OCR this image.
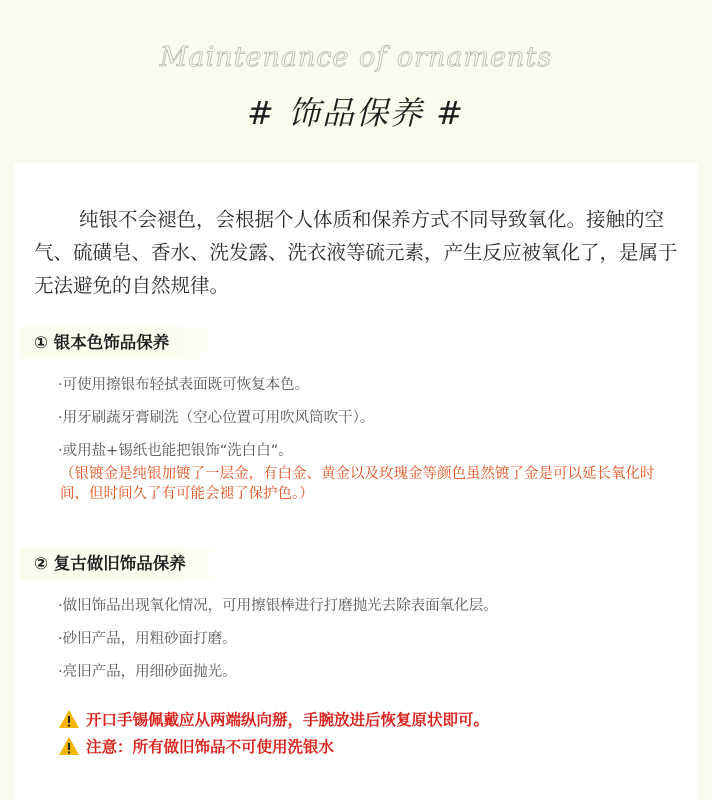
Maintenance of ornaments
# 饰品保养 #

纯银不会褪色，会根据个人体质和保养方式不同导致氧化。接触的空气、硫磺皂、香水、洗发露、洗衣液等硫元素，产生反应被氧化了，是属于无法避免的自然规律。

① 银本色饰品保养
·可使用擦银布轻拭表面既可恢复本色。
·用牙刷蔬牙膏刷洗（空心位置可用吹风筒吹干）。
·或用盐+锡纸也能把银饰“洗白白”。

（银镀金是纯银加镀了一层金，有白金、黄金以及玫瑰金等颜色虽然镀了金是可以延长氧化时间，但时间久了有可能会褪了保护色。）

② 复古做旧饰品保养
·做旧饰品出现氧化情况，可用擦银棒进行打磨抛光去除表面氧化层。
·砂旧产品，用粗砂面打磨。
·亮旧产品，用细砂面抛光。
开口手锡佩戴应从两端纵向掰，手腕放进后恢复原状即可。
注意：所有做旧饰品不可使用洗银水
